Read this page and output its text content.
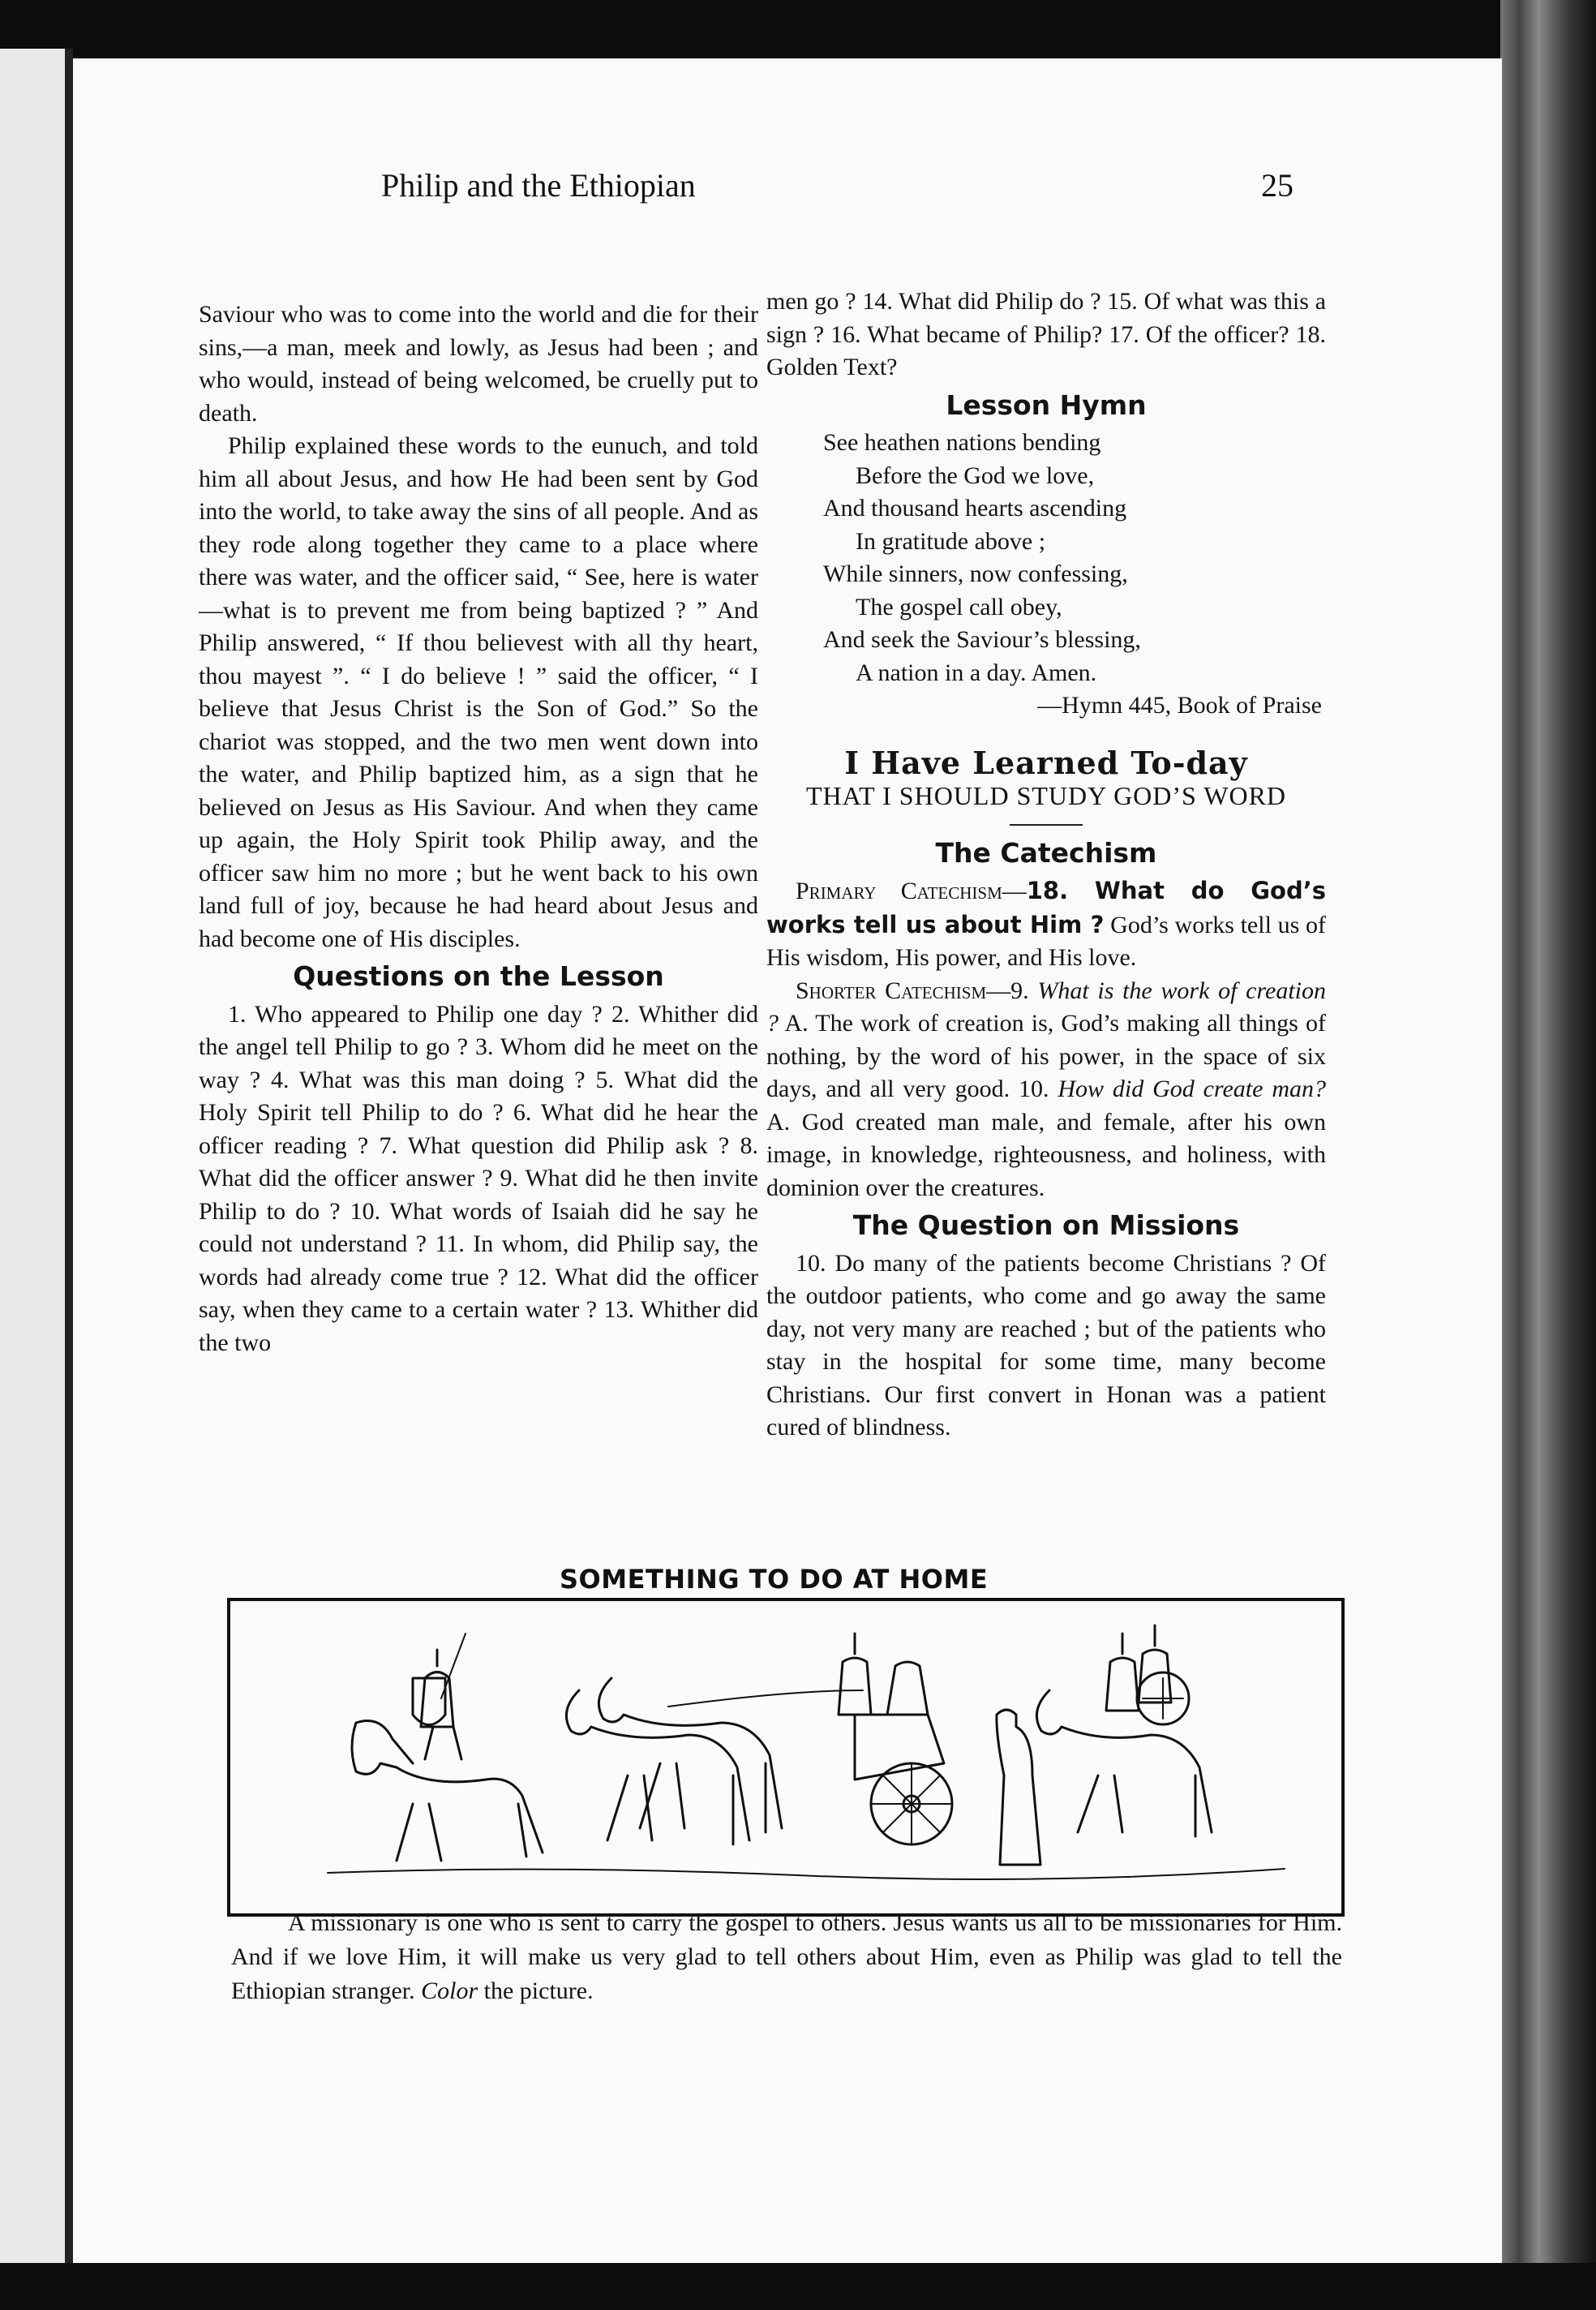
Philip and the Ethiopian	25

Saviour who was to come into the world and die for their sins,—a man, meek and lowly, as Jesus had been ; and who would, instead of being welcomed, be cruelly put to death.

Philip explained these words to the eunuch, and told him all about Jesus, and how He had been sent by God into the world, to take away the sins of all people. And as they rode along together they came to a place where there was water, and the officer said, “ See, here is water—what is to prevent me from being baptized ? ” And Philip answered, “ If thou believest with all thy heart, thou mayest ”. “ I do believe ! ” said the officer, “ I believe that Jesus Christ is the Son of God.” So the chariot was stopped, and the two men went down into the water, and Philip baptized him, as a sign that he believed on Jesus as His Saviour. And when they came up again, the Holy Spirit took Philip away, and the officer saw him no more ; but he went back to his own land full of joy, because he had heard about Jesus and had become one of His disciples.

Questions on the Lesson

1. Who appeared to Philip one day ? 2. Whither did the angel tell Philip to go ? 3. Whom did he meet on the way ? 4. What was this man doing ? 5. What did the Holy Spirit tell Philip to do ? 6. What did he hear the officer reading ? 7. What question did Philip ask ? 8. What did the officer answer ? 9. What did he then invite Philip to do ? 10. What words of Isaiah did he say he could not understand ? 11. In whom, did Philip say, the words had already come true ? 12. What did the officer say, when they came to a certain water ? 13. Whither did the two

men go ? 14. What did Philip do ? 15. Of what was this a sign ? 16. What became of Philip? 17. Of the officer? 18. Golden Text?

Lesson Hymn
See heathen nations bending
Before the God we love,
And thousand hearts ascending
In gratitude above ;
While sinners, now confessing,
The gospel call obey,
And seek the Saviour’s blessing,
A nation in a day. Amen.
—Hymn 445, Book of Praise
I Have Learned To-day
THAT I SHOULD STUDY GOD’S WORD
The Catechism

Primary Catechism—18. What do God’s works tell us about Him ? God’s works tell us of His wisdom, His power, and His love.

Shorter Catechism—9. What is the work of creation ? A. The work of creation is, God’s making all things of nothing, by the word of his power, in the space of six days, and all very good. 10. How did God create man? A. God created man male, and female, after his own image, in knowledge, righteousness, and holiness, with dominion over the creatures.

The Question on Missions

10. Do many of the patients become Christians ? Of the outdoor patients, who come and go away the same day, not very many are reached ; but of the patients who stay in the hospital for some time, many become Christians. Our first convert in Honan was a patient cured of blindness.

SOMETHING TO DO AT HOME

A missionary is one who is sent to carry the gospel to others. Jesus wants us all to be missionaries for Him. And if we love Him, it will make us very glad to tell others about Him, even as Philip was glad to tell the Ethiopian stranger. Color the picture.
